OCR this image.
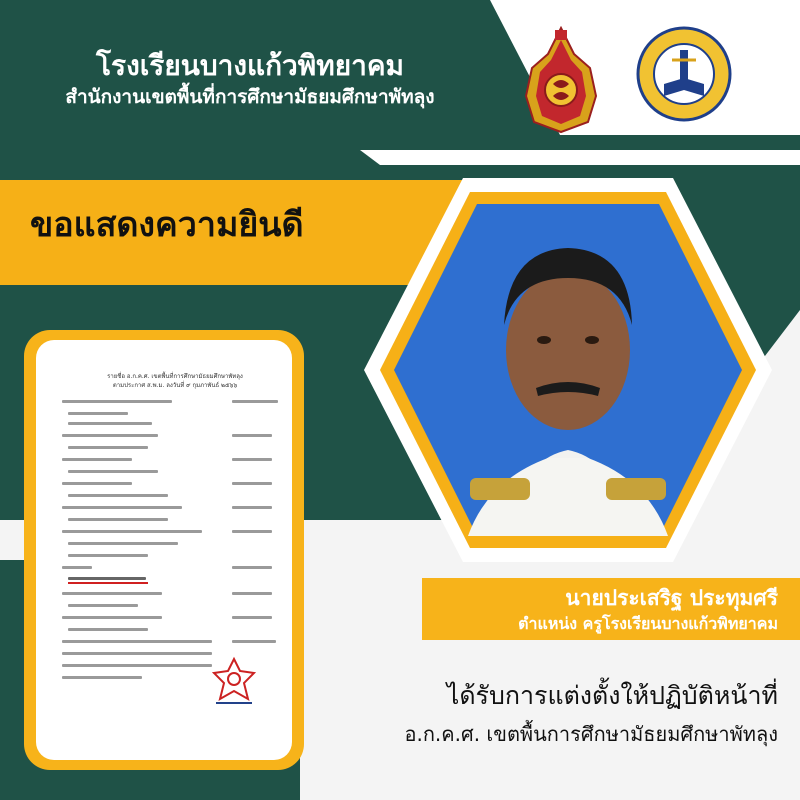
โรงเรียนบางแก้วพิทยาคม
สำนักงานเขตพื้นที่การศึกษามัธยมศึกษาพัทลุง
ขอแสดงความยินดี
รายชื่อ อ.ก.ค.ศ. เขตพื้นที่การศึกษามัธยมศึกษาพัทลุง
ตามประกาศ ส.พ.ม. ลงวันที่ ๙ กุมภาพันธ์ ๒๕๖๖
นายประเสริฐ ประทุมศรี
ตำแหน่ง ครูโรงเรียนบางแก้วพิทยาคม
ได้รับการแต่งตั้งให้ปฏิบัติหน้าที่
อ.ก.ค.ศ. เขตพื้นการศึกษามัธยมศึกษาพัทลุง
